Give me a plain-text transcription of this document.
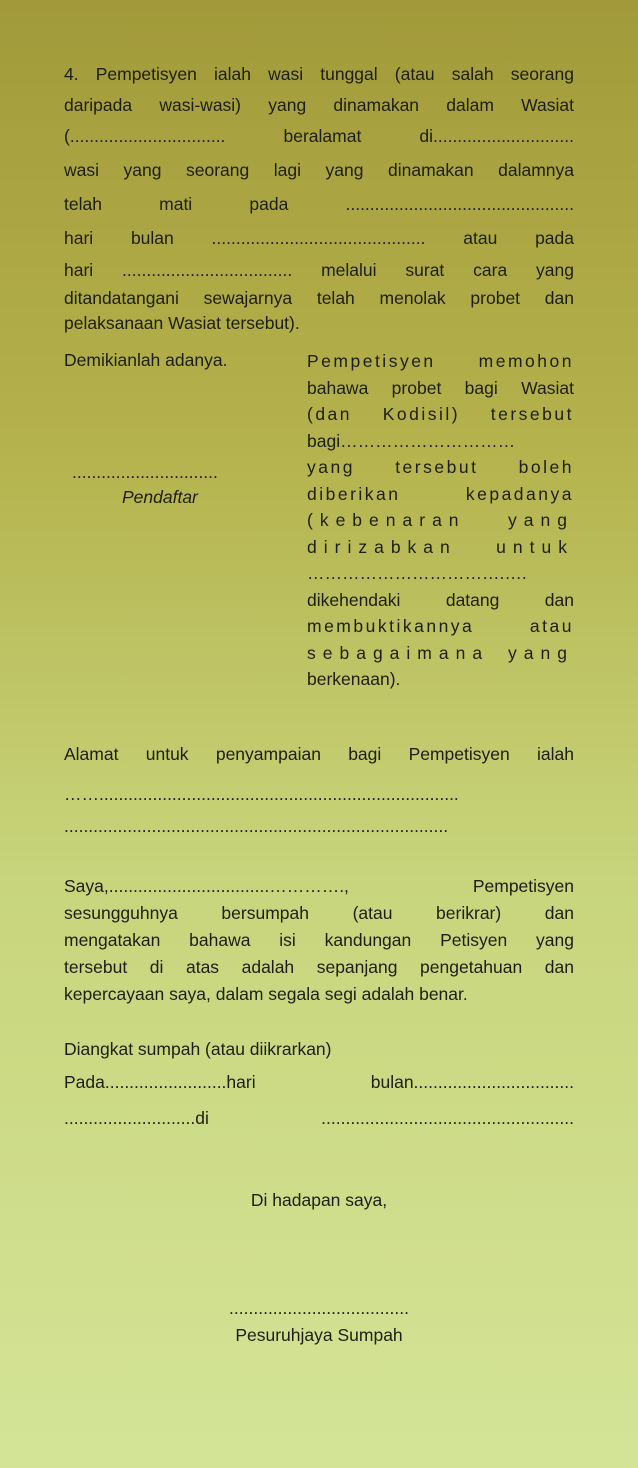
4. Pempetisyen ialah wasi tunggal (atau salah seorang
daripada wasi-wasi) yang dinamakan dalam Wasiat
(................................ beralamat di.............................
wasi yang seorang lagi yang dinamakan dalamnya
telah mati pada ...............................................
hari bulan ............................................ atau pada
hari ................................... melalui surat cara yang
ditandatangani sewajarnya telah menolak probet dan
pelaksanaan Wasiat tersebut).
Demikianlah adanya.
..............................
Pendaftar
Pempetisyen memohon
bahawa probet bagi Wasiat
(dan Kodisil) tersebut
bagi…………………………
yang tersebut boleh
diberikan kepadanya
(kebenaran yang
dirizabkan untuk
…………………………….….
dikehendaki datang dan
membuktikannya atau
sebagaimana yang
berkenaan).
Alamat untuk penyampaian bagi Pempetisyen ialah
……..........................................................................
...............................................................................
Saya,.................................…………., Pempetisyen
sesungguhnya bersumpah (atau berikrar) dan
mengatakan bahawa isi kandungan Petisyen yang
tersebut di atas adalah sepanjang pengetahuan dan
kepercayaan saya, dalam segala segi adalah benar.
Diangkat sumpah (atau diikrarkan)
Pada.........................hari bulan.................................
...........................di ....................................................
Di hadapan saya,
.....................................
Pesuruhjaya Sumpah
